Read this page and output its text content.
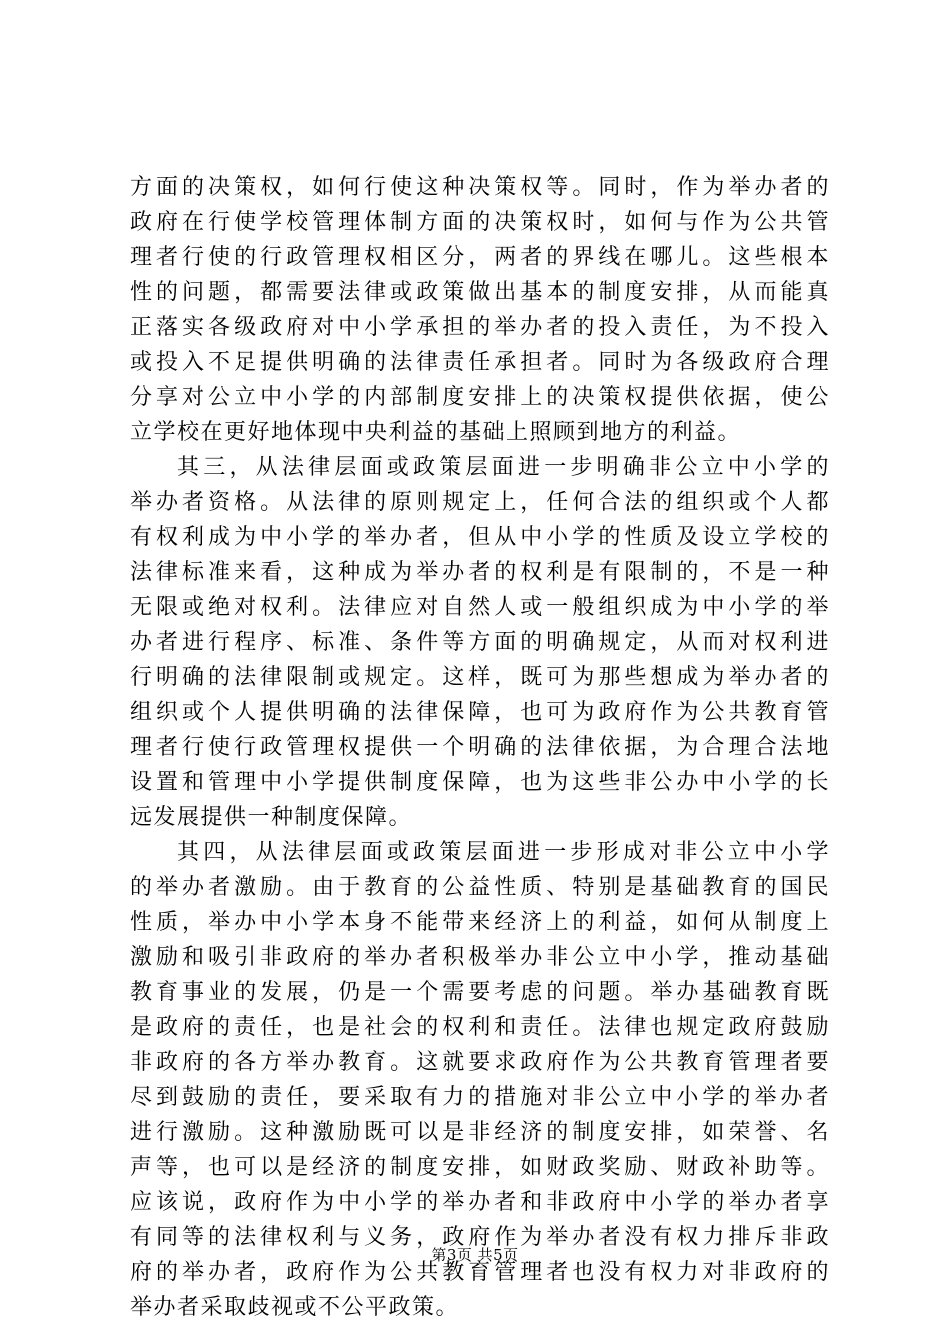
方面的决策权，如何行使这种决策权等。同时，作为举办者的
政府在行使学校管理体制方面的决策权时，如何与作为公共管
理者行使的行政管理权相区分，两者的界线在哪儿。这些根本
性的问题，都需要法律或政策做出基本的制度安排，从而能真
正落实各级政府对中小学承担的举办者的投入责任，为不投入
或投入不足提供明确的法律责任承担者。同时为各级政府合理
分享对公立中小学的内部制度安排上的决策权提供依据，使公
立学校在更好地体现中央利益的基础上照顾到地方的利益。
其三，从法律层面或政策层面进一步明确非公立中小学的
举办者资格。从法律的原则规定上，任何合法的组织或个人都
有权利成为中小学的举办者，但从中小学的性质及设立学校的
法律标准来看，这种成为举办者的权利是有限制的，不是一种
无限或绝对权利。法律应对自然人或一般组织成为中小学的举
办者进行程序、标准、条件等方面的明确规定，从而对权利进
行明确的法律限制或规定。这样，既可为那些想成为举办者的
组织或个人提供明确的法律保障，也可为政府作为公共教育管
理者行使行政管理权提供一个明确的法律依据，为合理合法地
设置和管理中小学提供制度保障，也为这些非公办中小学的长
远发展提供一种制度保障。
其四，从法律层面或政策层面进一步形成对非公立中小学
的举办者激励。由于教育的公益性质、特别是基础教育的国民
性质，举办中小学本身不能带来经济上的利益，如何从制度上
激励和吸引非政府的举办者积极举办非公立中小学，推动基础
教育事业的发展，仍是一个需要考虑的问题。举办基础教育既
是政府的责任，也是社会的权利和责任。法律也规定政府鼓励
非政府的各方举办教育。这就要求政府作为公共教育管理者要
尽到鼓励的责任，要采取有力的措施对非公立中小学的举办者
进行激励。这种激励既可以是非经济的制度安排，如荣誉、名
声等，也可以是经济的制度安排，如财政奖励、财政补助等。
应该说，政府作为中小学的举办者和非政府中小学的举办者享
有同等的法律权利与义务，政府作为举办者没有权力排斥非政
府的举办者，政府作为公共教育管理者也没有权力对非政府的
举办者采取歧视或不公平政策。
第3页 共5页
